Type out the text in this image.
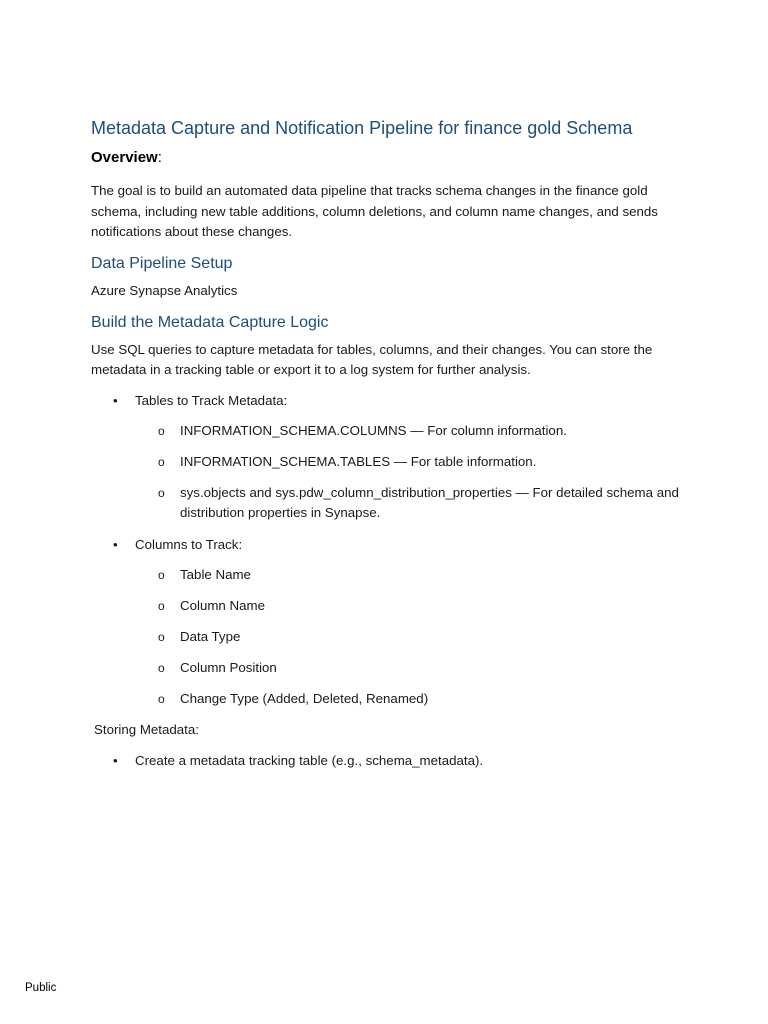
Metadata Capture and Notification Pipeline for finance gold Schema
Overview:

The goal is to build an automated data pipeline that tracks schema changes in the finance gold schema, including new table additions, column deletions, and column name changes, and sends notifications about these changes.

Data Pipeline Setup
Azure Synapse Analytics
Build the Metadata Capture Logic

Use SQL queries to capture metadata for tables, columns, and their changes. You can store the metadata in a tracking table or export it to a log system for further analysis.

• Tables to Track Metadata:
o INFORMATION_SCHEMA.COLUMNS — For column information.
o INFORMATION_SCHEMA.TABLES — For table information.
o sys.objects and sys.pdw_column_distribution_properties — For detailed schema and distribution properties in Synapse.
• Columns to Track:
o Table Name
o Column Name
o Data Type
o Column Position
o Change Type (Added, Deleted, Renamed)
Storing Metadata:
• Create a metadata tracking table (e.g., schema_metadata).
Public
